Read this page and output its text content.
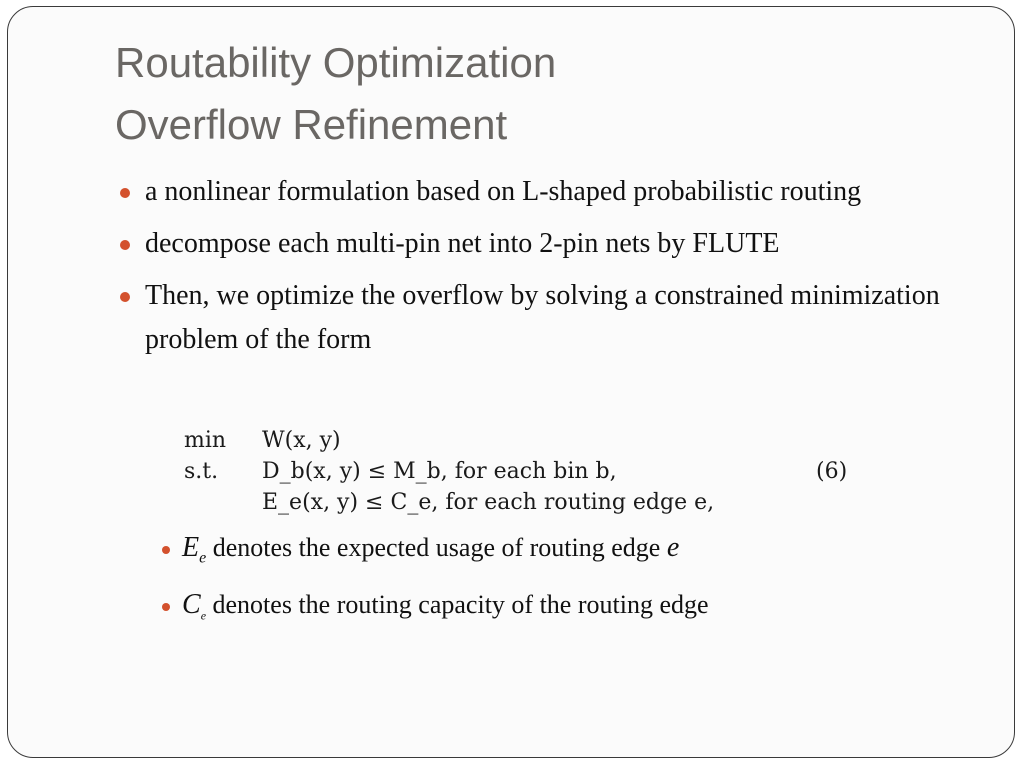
Routability Optimization
Overflow Refinement
a nonlinear formulation based on L-shaped probabilistic routing
decompose each multi-pin net into 2-pin nets by FLUTE
Then, we optimize the overflow by solving a constrained minimization problem of the form
min	W(x, y)
s.t.	D_b(x, y) ≤ M_b, for each bin b,
E_e(x, y) ≤ C_e, for each routing edge e,
(6)
$E_e$ denotes the expected usage of routing edge e
$C_e$ denotes the routing capacity of the routing edge
